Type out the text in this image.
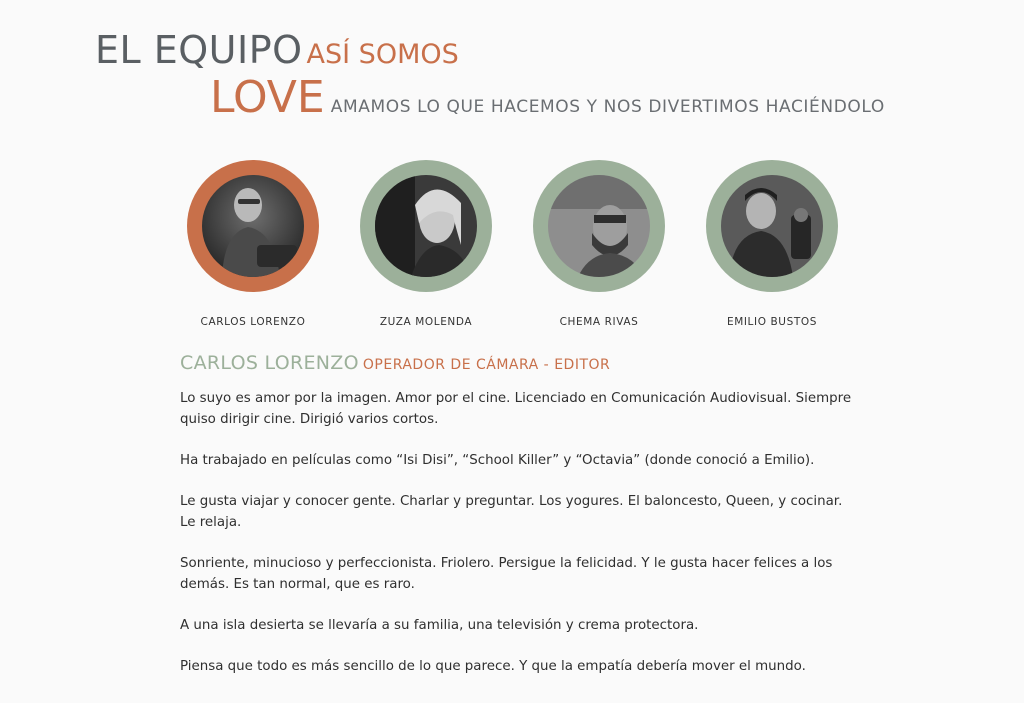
EL EQUIPO ASÍ SOMOS
LOVE AMAMOS LO QUE HACEMOS Y NOS DIVERTIMOS HACIÉNDOLO
CARLOS LORENZO	ZUZA MOLENDA	CHEMA RIVAS	EMILIO BUSTOS
CARLOS LORENZO OPERADOR DE CÁMARA - EDITOR

Lo suyo es amor por la imagen. Amor por el cine. Licenciado en Comunicación Audiovisual. Siempre quiso dirigir cine. Dirigió varios cortos.

Ha trabajado en películas como “Isi Disi”, “School Killer” y “Octavia” (donde conoció a Emilio).

Le gusta viajar y conocer gente. Charlar y preguntar. Los yogures. El baloncesto, Queen, y cocinar. Le relaja.

Sonriente, minucioso y perfeccionista. Friolero. Persigue la felicidad. Y le gusta hacer felices a los demás. Es tan normal, que es raro.

A una isla desierta se llevaría a su familia, una televisión y crema protectora.

Piensa que todo es más sencillo de lo que parece. Y que la empatía debería mover el mundo.
